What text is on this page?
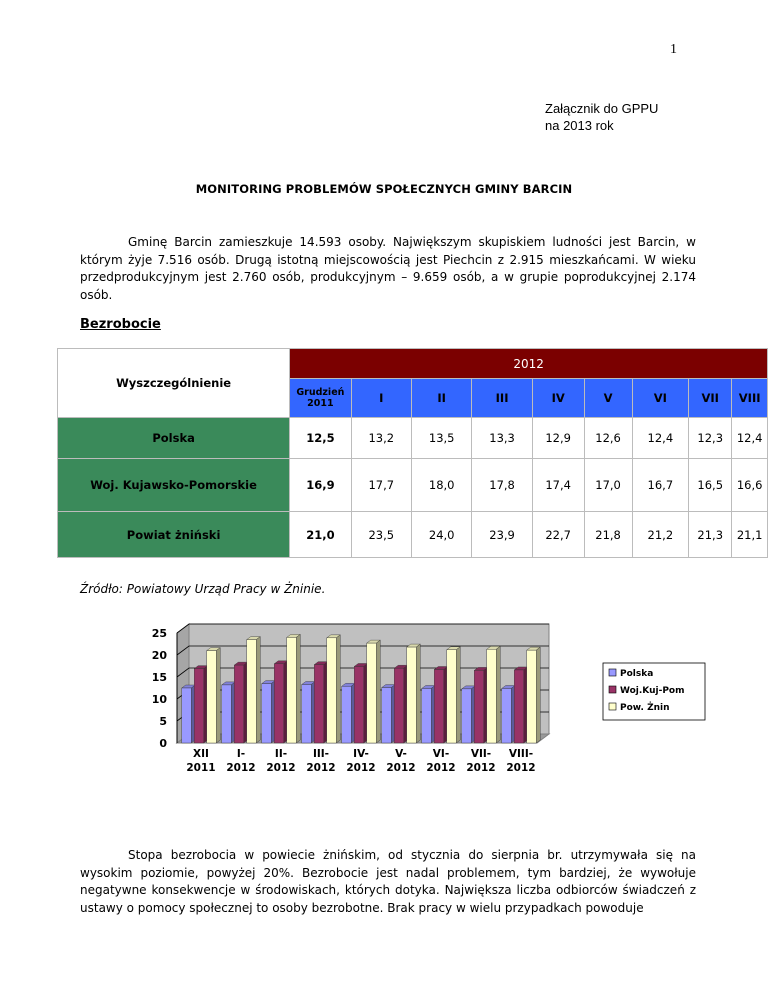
1
Załącznik do GPPU
na 2013 rok
MONITORING PROBLEMÓW SPOŁECZNYCH GMINY BARCIN

Gminę Barcin zamieszkuje 14.593 osoby. Największym skupiskiem ludności jest Barcin, w którym żyje 7.516 osób. Drugą istotną miejscowością jest Piechcin z 2.915 mieszkańcami. W wieku przedprodukcyjnym jest 2.760 osób, produkcyjnym – 9.659 osób, a w grupie poprodukcyjnej 2.174 osób.

Bezrobocie
Wyszczególnienie	2012								
	Grudzień 2011	I	II	III	IV	V	VI	VII	VIII
Polska	12,5	13,2	13,5	13,3	12,9	12,6	12,4	12,3	12,4
Woj. Kujawsko-Pomorskie	16,9	17,7	18,0	17,8	17,4	17,0	16,7	16,5	16,6
Powiat żniński	21,0	23,5	24,0	23,9	22,7	21,8	21,2	21,3	21,1
Źródło: Powiatowy Urząd Pracy w Żninie.
0
5
10
15
20
25
XII
2011
I-
2012
II-
2012
III-
2012
IV-
2012
V-
2012
VI-
2012
VII-
2012
VIII-
2012
Polska
Woj.Kuj-Pom
Pow. Żnin

Stopa bezrobocia w powiecie żnińskim, od stycznia do sierpnia br. utrzymywała się na wysokim poziomie, powyżej 20%. Bezrobocie jest nadal problemem, tym bardziej, że wywołuje negatywne konsekwencje w środowiskach, których dotyka. Największa liczba odbiorców świadczeń z ustawy o pomocy społecznej to osoby bezrobotne. Brak pracy w wielu przypadkach powoduje
